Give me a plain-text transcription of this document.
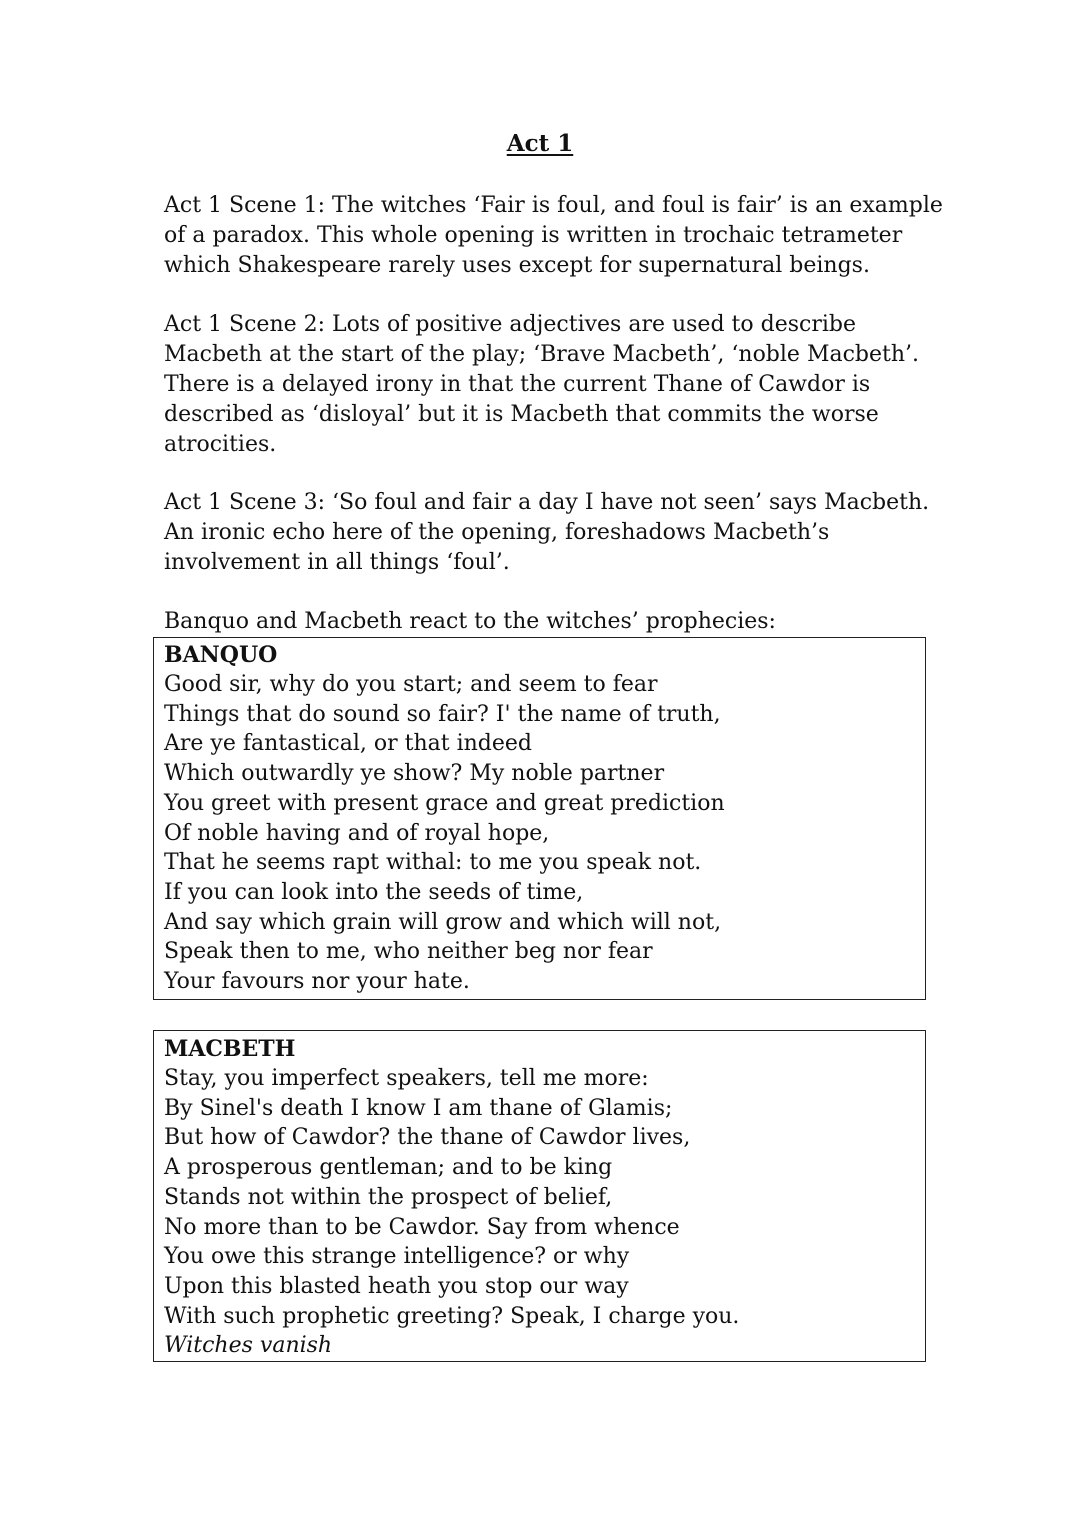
Act 1
Act 1 Scene 1: The witches ‘Fair is foul, and foul is fair’ is an example
of a paradox. This whole opening is written in trochaic tetrameter
which Shakespeare rarely uses except for supernatural beings.
Act 1 Scene 2: Lots of positive adjectives are used to describe
Macbeth at the start of the play; ‘Brave Macbeth’, ‘noble Macbeth’.
There is a delayed irony in that the current Thane of Cawdor is
described as ‘disloyal’ but it is Macbeth that commits the worse
atrocities.
Act 1 Scene 3: ‘So foul and fair a day I have not seen’ says Macbeth.
An ironic echo here of the opening, foreshadows Macbeth’s
involvement in all things ‘foul’.
Banquo and Macbeth react to the witches’ prophecies:
BANQUO
Good sir, why do you start; and seem to fear
Things that do sound so fair? I' the name of truth,
Are ye fantastical, or that indeed
Which outwardly ye show? My noble partner
You greet with present grace and great prediction
Of noble having and of royal hope,
That he seems rapt withal: to me you speak not.
If you can look into the seeds of time,
And say which grain will grow and which will not,
Speak then to me, who neither beg nor fear
Your favours nor your hate.
MACBETH
Stay, you imperfect speakers, tell me more:
By Sinel's death I know I am thane of Glamis;
But how of Cawdor? the thane of Cawdor lives,
A prosperous gentleman; and to be king
Stands not within the prospect of belief,
No more than to be Cawdor. Say from whence
You owe this strange intelligence? or why
Upon this blasted heath you stop our way
With such prophetic greeting? Speak, I charge you.
Witches vanish
